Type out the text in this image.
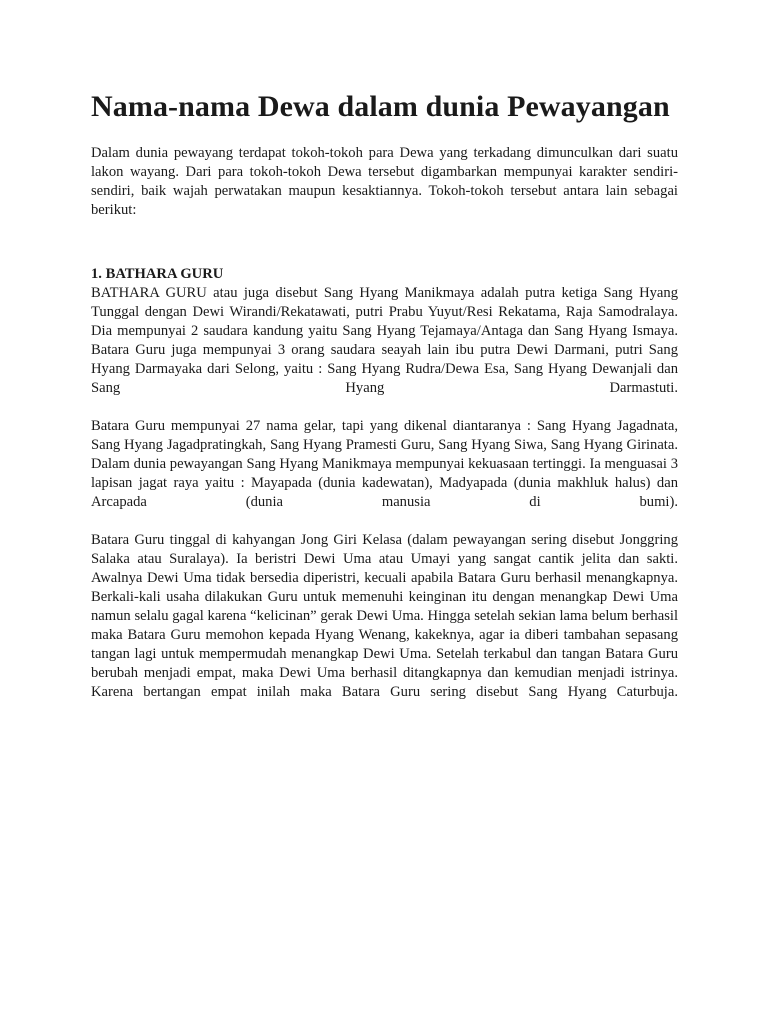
Nama-nama Dewa dalam dunia Pewayangan

Dalam dunia pewayang terdapat tokoh-tokoh para Dewa yang terkadang dimunculkan dari suatu lakon wayang. Dari para tokoh-tokoh Dewa tersebut digambarkan mempunyai karakter sendiri-sendiri, baik wajah perwatakan maupun kesaktiannya. Tokoh-tokoh tersebut antara lain sebagai berikut:

1. BATHARA GURU

BATHARA GURU atau juga disebut Sang Hyang Manikmaya adalah putra ketiga Sang Hyang Tunggal dengan Dewi Wirandi/Rekatawati, putri Prabu Yuyut/Resi Rekatama, Raja Samodralaya. Dia mempunyai 2 saudara kandung yaitu Sang Hyang Tejamaya/Antaga dan Sang Hyang Ismaya. Batara Guru juga mempunyai 3 orang saudara seayah lain ibu putra Dewi Darmani, putri Sang Hyang Darmayaka dari Selong, yaitu : Sang Hyang Rudra/Dewa Esa, Sang Hyang Dewanjali dan Sang Hyang Darmastuti.

Batara Guru mempunyai 27 nama gelar, tapi yang dikenal diantaranya : Sang Hyang Jagadnata, Sang Hyang Jagadpratingkah, Sang Hyang Pramesti Guru, Sang Hyang Siwa, Sang Hyang Girinata. Dalam dunia pewayangan Sang Hyang Manikmaya mempunyai kekuasaan tertinggi. Ia menguasai 3 lapisan jagat raya yaitu : Mayapada (dunia kadewatan), Madyapada (dunia makhluk halus) dan Arcapada (dunia manusia di bumi).

Batara Guru tinggal di kahyangan Jong Giri Kelasa (dalam pewayangan sering disebut Jonggring Salaka atau Suralaya). Ia beristri Dewi Uma atau Umayi yang sangat cantik jelita dan sakti. Awalnya Dewi Uma tidak bersedia diperistri, kecuali apabila Batara Guru berhasil menangkapnya. Berkali-kali usaha dilakukan Guru untuk memenuhi keinginan itu dengan menangkap Dewi Uma namun selalu gagal karena “kelicinan” gerak Dewi Uma. Hingga setelah sekian lama belum berhasil maka Batara Guru memohon kepada Hyang Wenang, kakeknya, agar ia diberi tambahan sepasang tangan lagi untuk mempermudah menangkap Dewi Uma. Setelah terkabul dan tangan Batara Guru berubah menjadi empat, maka Dewi Uma berhasil ditangkapnya dan kemudian menjadi istrinya. Karena bertangan empat inilah maka Batara Guru sering disebut Sang Hyang Caturbuja.
